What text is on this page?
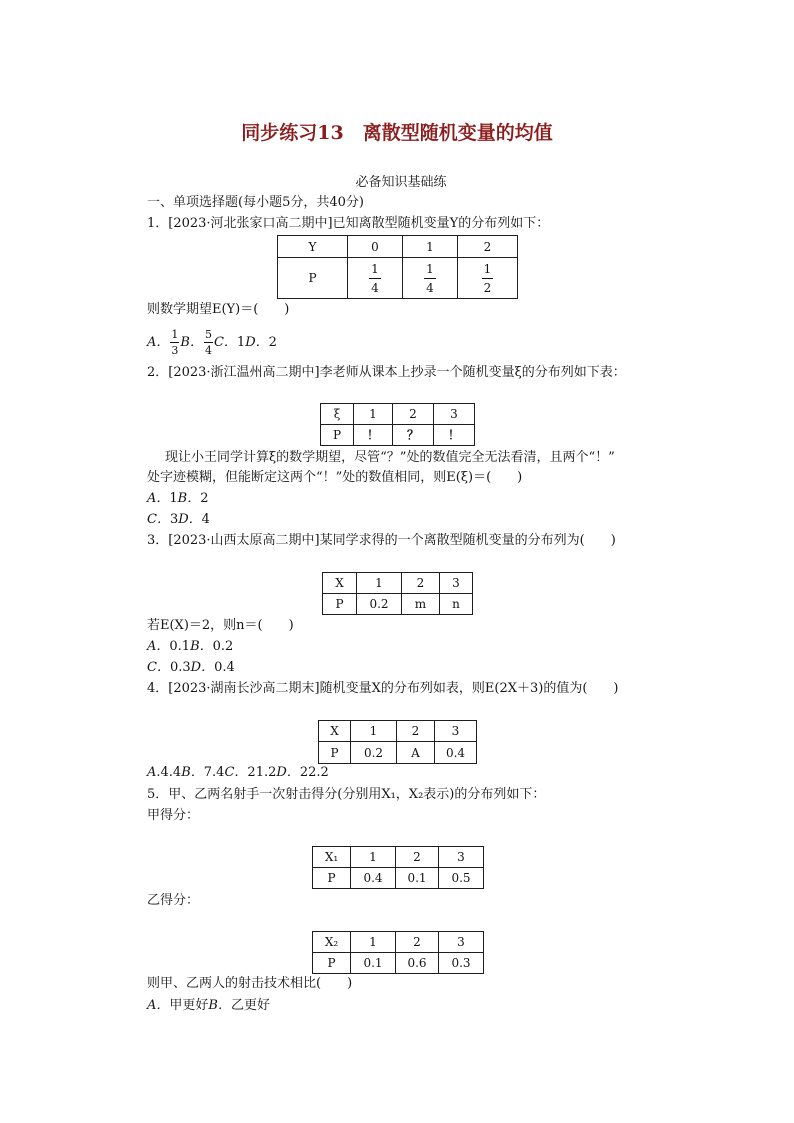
同步练习13　离散型随机变量的均值
必备知识基础练
一、单项选择题(每小题5分，共40分)
1．[2023·河北张家口高二期中]已知离散型随机变量Y的分布列如下：
Y	0	1	2
P	$\frac{1}{4}$	$\frac{1}{4}$	$\frac{1}{2}$
则数学期望E(Y)＝(　　)
A． $\frac{1}{3}$ B． $\frac{5}{4}$ C．1D．2
2．[2023·浙江温州高二期中]李老师从课本上抄录一个随机变量ξ的分布列如下表：
ξ	1	2	3
P	！	？	！
现让小王同学计算ξ的数学期望，尽管“？”处的数值完全无法看清，且两个“！”
处字迹模糊，但能断定这两个“！”处的数值相同，则E(ξ)＝(　　)
A．1B．2
C．3D．4
3．[2023·山西太原高二期中]某同学求得的一个离散型随机变量的分布列为(　　)
X	1	2	3
P	0.2	m	n
若E(X)＝2，则n＝(　　)
A．0.1B．0.2
C．0.3D．0.4
4．[2023·湖南长沙高二期末]随机变量X的分布列如表，则E(2X＋3)的值为(　　)
X	1	2	3
P	0.2	A	0.4
A.4.4B．7.4C．21.2D．22.2
5．甲、乙两名射手一次射击得分(分别用X₁，X₂表示)的分布列如下：
甲得分：
X₁	1	2	3
P	0.4	0.1	0.5
乙得分：
X₂	1	2	3
P	0.1	0.6	0.3
则甲、乙两人的射击技术相比(　　)
A．甲更好B．乙更好
